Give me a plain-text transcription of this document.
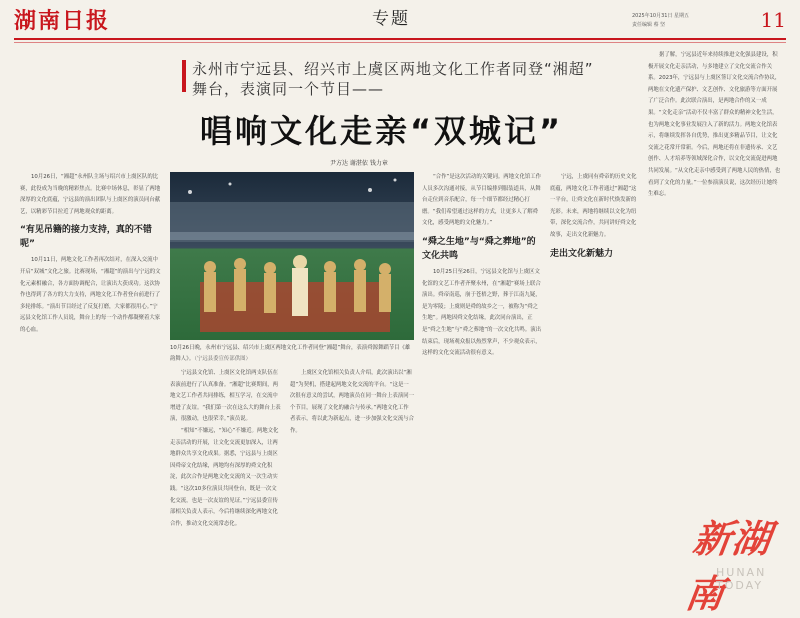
湖南日报	专题	2025年10月31日 星期五
责任编辑 蔡 坚	11
永州市宁远县、绍兴市上虞区两地文化工作者同登“湘超”
舞台，表演同一个节目——
唱响文化走亲“双城记”
尹方达 谢湛依 钱力章

10月26日，“湘超”永州队主场与绍兴市上虞区队的比赛，此役成为当晚的精彩焦点。比赛中场休息，彰显了两地深厚的文化底蕴，宁远县的演出团队与上虞区的演员同台献艺，以精彩节目拉近了两地观众的距离。

“有见吊籍的接力支持，真的不错呢”

10月11日，两地文化工作者再次结对，在深入交流中开启“双城”文化之旅。比赛现场，“湘超”的演出与宁远的文化元素相融合，各方面协调配合，让演出大获成功。这次协作也得到了各方的大力支持，两地文化工作者登台前进行了多轮排练。“演出节目经过了反复打磨，大家都很用心。”宁远县文化馆工作人员说，舞台上的每一个动作都凝聚着大家的心血。

10月26日晚，永州市宁远县、绍兴市上虞区两地文化工作者同登“湘超”舞台，表演舜源舞蹈节目《雄韵舞人》。（宁远县委宣传部供图）

宁远县文化馆、上虞区文化馆两支队伍在表演前进行了认真准备。“湘超”比赛期间，两地文艺工作者共同排练，相互学习，在交流中增进了友谊。“我们第一次在这么大的舞台上表演，很激动，也很荣幸。”演员说。

“相知”不嫌远，“知心”不嫌近。两地文化走亲活动的开展，让文化交流更加深入，让两地群众共享文化成果。据悉，宁远县与上虞区因舜帝文化结缘，两地均有深厚的舜文化积淀，此次合作是两地文化交流的又一次生动实践。“这次10多位演员共同登台，既是一次文化交流，也是一次友谊的见证。”宁远县委宣传部相关负责人表示，今后将继续深化两地文化合作，推动文化交流常态化。

上虞区文化馆相关负责人介绍，此次演出以“湘超”为契机，搭建起两地文化交流的平台。“这是一次很有意义的尝试，两地演员在同一舞台上表演同一个节目，展现了文化的融合与传承。”两地文化工作者表示，将以此为新起点，进一步加强文化交流与合作。

“合作”是这次活动的关键词。两地文化馆工作人员多次沟通对接，从节目编排到服装道具，从舞台走位到音乐配合，每一个细节都经过精心打磨。“我们希望通过这样的方式，让更多人了解舜文化，感受两地的文化魅力。”

“舜之生地”与“舜之葬地”的文化共鸣

10月25日至26日，宁远县文化馆与上虞区文化馆的文艺工作者齐聚永州，在“湘超”赛场上联合演出。舜帝南巡，崩于苍梧之野，葬于江南九疑，是为零陵；上虞则是舜的故乡之一，被称为“舜之生地”。两地因舜文化结缘，此次同台演出，正是“舜之生地”与“舜之葬地”的一次文化共鸣。演出结束后，现场观众报以热烈掌声，不少观众表示，这样的文化交流活动很有意义。

宁远，上虞同有舜帝的历史文化底蕴，两地文化工作者通过“湘超”这一平台，让舜文化在新时代焕发新的光彩。未来，两地将继续以文化为纽带，深化交流合作，共同讲好舜文化故事，走出文化新魅力。

走出文化新魅力

据了解，宁远县近年来持续推进文化强县建设，积极开展文化走亲活动，与多地建立了文化交流合作关系。2023年，宁远县与上虞区签订文化交流合作协议，两地在文化遗产保护、文艺创作、文化旅游等方面开展了广泛合作。此次联合演出，是两地合作的又一成果。“文化走亲”活动不仅丰富了群众的精神文化生活，也为两地文化事业发展注入了新的活力。两地文化馆表示，将继续发挥各自优势，推出更多精品节目，让文化交流之花常开常新。今后，两地还将在非遗传承、文艺创作、人才培养等领域深化合作，以文化交流促进两地共同发展。“从文化走亲中感受到了两地人民的热情，也看到了文化的力量。”一位参演演员说，这次经历让她终生难忘。

新湖南
HUNAN TODAY
